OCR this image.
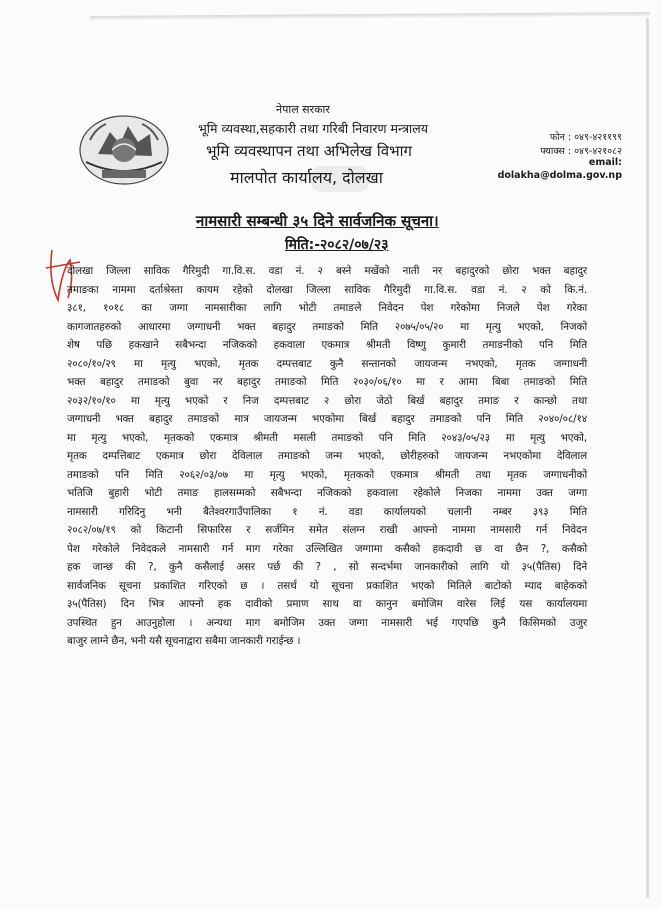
नेपाल सरकार
भूमि व्यवस्था,सहकारी तथा गरिबी निवारण मन्त्रालय
भूमि व्यवस्थापन तथा अभिलेख विभाग
मालपोत कार्यालय, दोलखा
फोन : ०४९-४२११९९
फ्याक्स : ०४९-४२१०८२
email:
dolakha@dolma.gov.np
नामसारी सम्बन्धी ३५ दिने सार्वजनिक सूचना।
मिति:-२०८२/०७/२३
दोलखा जिल्ला साविक गैरिमुदी गा.वि.स. वडा नं. २ बस्ने मखेंको नाती नर बहादुरको छोरा भक्त बहादुर
तमाङका नाममा दर्ताश्रेस्ता कायम रहेको दोलखा जिल्ला साविक गैरिमुदी गा.वि.स. वडा नं. २ को कि.नं.
३८१, १०१८ का जग्गा नामसारीका लागि भोटी तमाङले निवेदन पेश गरेकोमा निजले पेश गरेका
कागजातहरुको आधारमा जग्गाधनी भक्त बहादुर तमाङको मिति २०७५/०५/२० मा मृत्यु भएको, निजको
शेष पछि हकखाने सबैभन्दा नजिकको हकवाला एकमात्र श्रीमती विष्णु कुमारी तमाङनीको पनि मिति
२०८०/१०/२९ मा मृत्यु भएको, मृतक दम्पत्तबाट कुनै सन्तानको जायजन्म नभएको, मृतक जग्गाधनी
भक्त बहादुर तमाङको बुवा नर बहादुर तमाङको मिति २०३०/०६/१० मा र आमा बिबा तमाङको मिति
२०३२/१०/१० मा मृत्यु भएको र निज दम्पत्तबाट २ छोरा जेठो बिर्ख बहादुर तमाङ र कान्छो तथा
जग्गाधनी भक्त बहादुर तमाङको मात्र जायजन्म भएकोमा बिर्ख बहादुर तमाङको पनि मिति २०४०/०८/१४
मा मृत्यु भएको, मृतकको एकमात्र श्रीमती मसली तमाङको पनि मिति २०४३/०५/२३ मा मृत्यु भएको,
मृतक दम्पत्तिबाट एकमात्र छोरा देविलाल तमाङको जन्म भएको, छोरीहरुको जायजन्म नभएकोमा देविलाल
तमाङको पनि मिति २०६२/०३/०७ मा मृत्यु भएको, मृतकको एकमात्र श्रीमती तथा मृतक जग्गाधनीको
भतिजि बुहारी भोटी तमाङ हालसम्मको सबैभन्दा नजिकको हकवाला रहेकोले निजका नाममा उक्त जग्गा
नामसारी गरिदिनु भनी बैतेश्वरगाउँपालिका १ नं. वडा कार्यालयको चलानी नम्बर ३९३ मिति
२०८२/०७/१९ को किटानी सिफारिस र सर्जमिन समेत संलग्न राखी आफ्नो नाममा नामसारी गर्न निवेदन
पेश गरेकोले निवेदकले नामसारी गर्न माग गरेका उल्लिखित जग्गामा कसैको हकदावी छ वा छैन ?, कसैको
हक जान्छ की ?, कुनै कसैलाई असर पर्छ की ? , सो सन्दर्भमा जानकारीको लागि यो ३५(पैतिस) दिने
सार्वजनिक सूचना प्रकाशित गरिएको छ । तसर्थ यो सूचना प्रकाशित भएको मितिले बाटोको म्याद बाहेकको
३५(पैतिस) दिन भित्र आफ्नो हक दावीको प्रमाण साथ वा कानुन बमोजिम वारेस लिई यस कार्यालयमा
उपस्थित हुन आउनुहोला । अन्यथा माग बमोजिम उक्त जग्गा नामसारी भई गएपछि कुनै किसिमको उजुर
बाजुर लाग्ने छैन, भनी यसै सूचनाद्वारा सबैमा जानकारी गराईन्छ ।
